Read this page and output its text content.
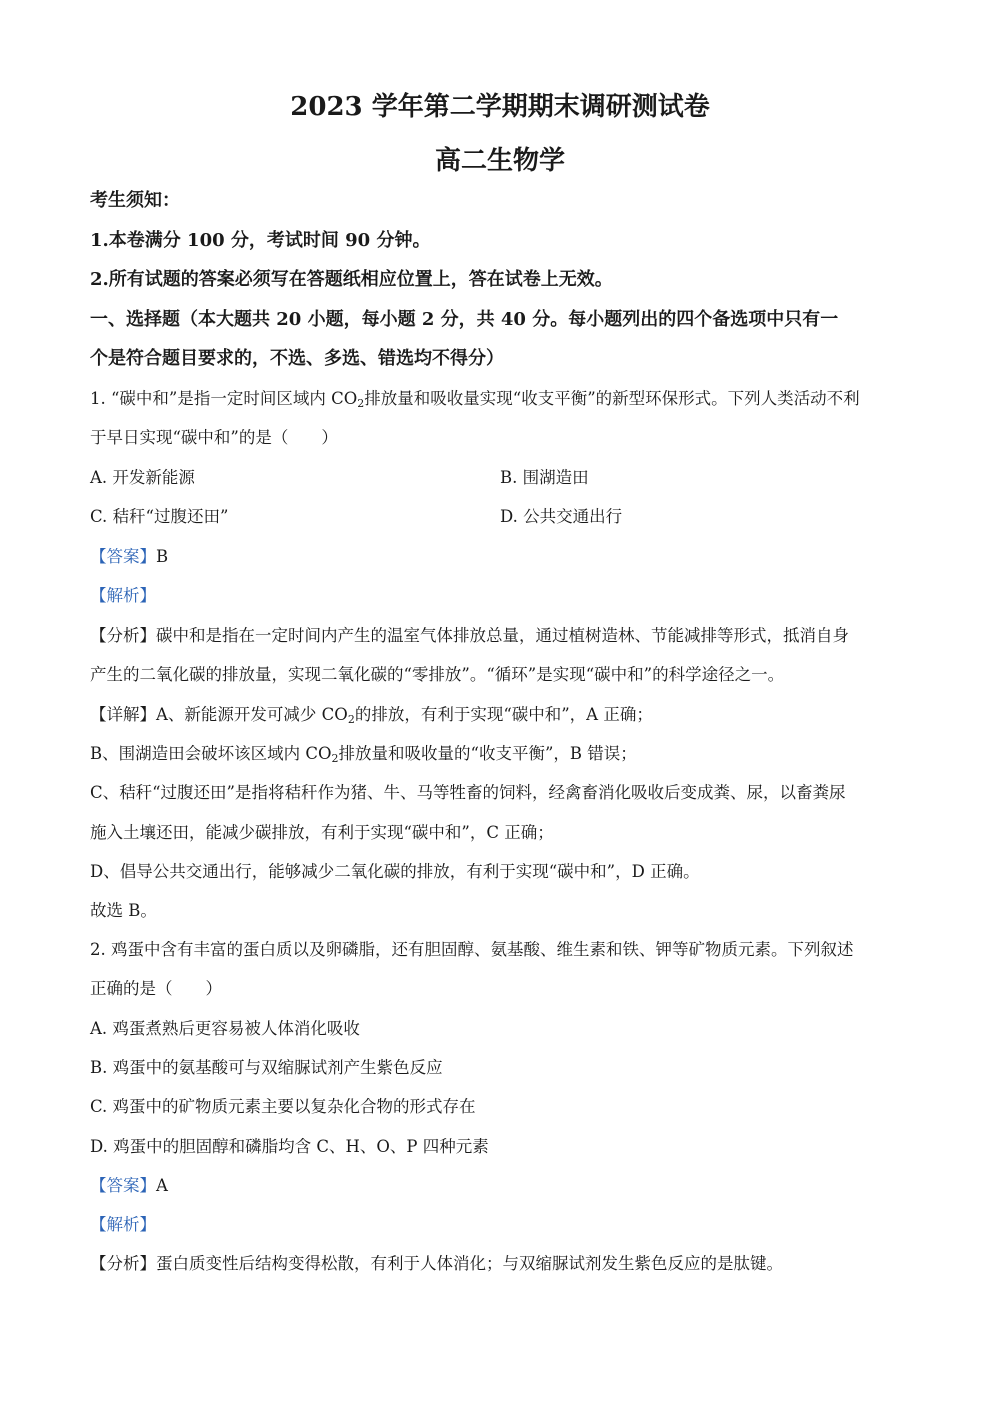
2023 学年第二学期期末调研测试卷
高二生物学
考生须知：
1.本卷满分 100 分，考试时间 90 分钟。
2.所有试题的答案必须写在答题纸相应位置上，答在试卷上无效。
一、选择题（本大题共 20 小题，每小题 2 分，共 40 分。每小题列出的四个备选项中只有一
个是符合题目要求的，不选、多选、错选均不得分）
1. “碳中和”是指一定时间区域内 $CO_2$排放量和吸收量实现“收支平衡”的新型环保形式。下列人类活动不利
于早日实现“碳中和”的是（　　）
A. 开发新能源	B. 围湖造田
C. 秸秆“过腹还田”	D. 公共交通出行
【答案】B
【解析】
【分析】碳中和是指在一定时间内产生的温室气体排放总量，通过植树造林、节能减排等形式，抵消自身
产生的二氧化碳的排放量，实现二氧化碳的“零排放”。“循环”是实现“碳中和”的科学途径之一。
【详解】A、新能源开发可减少 $CO_2$的排放，有利于实现“碳中和”，A 正确；
B、围湖造田会破坏该区域内 $CO_2$排放量和吸收量的“收支平衡”，B 错误；
C、秸秆“过腹还田”是指将秸秆作为猪、牛、马等牲畜的饲料，经禽畜消化吸收后变成粪、尿，以畜粪尿
施入土壤还田，能减少碳排放，有利于实现“碳中和”，C 正确；
D、倡导公共交通出行，能够减少二氧化碳的排放，有利于实现“碳中和”，D 正确。
故选 B。
2. 鸡蛋中含有丰富的蛋白质以及卵磷脂，还有胆固醇、氨基酸、维生素和铁、钾等矿物质元素。下列叙述
正确的是（　　）
A. 鸡蛋煮熟后更容易被人体消化吸收
B. 鸡蛋中的氨基酸可与双缩脲试剂产生紫色反应
C. 鸡蛋中的矿物质元素主要以复杂化合物的形式存在
D. 鸡蛋中的胆固醇和磷脂均含 C、H、O、P 四种元素
【答案】A
【解析】
【分析】蛋白质变性后结构变得松散，有利于人体消化；与双缩脲试剂发生紫色反应的是肽键。
